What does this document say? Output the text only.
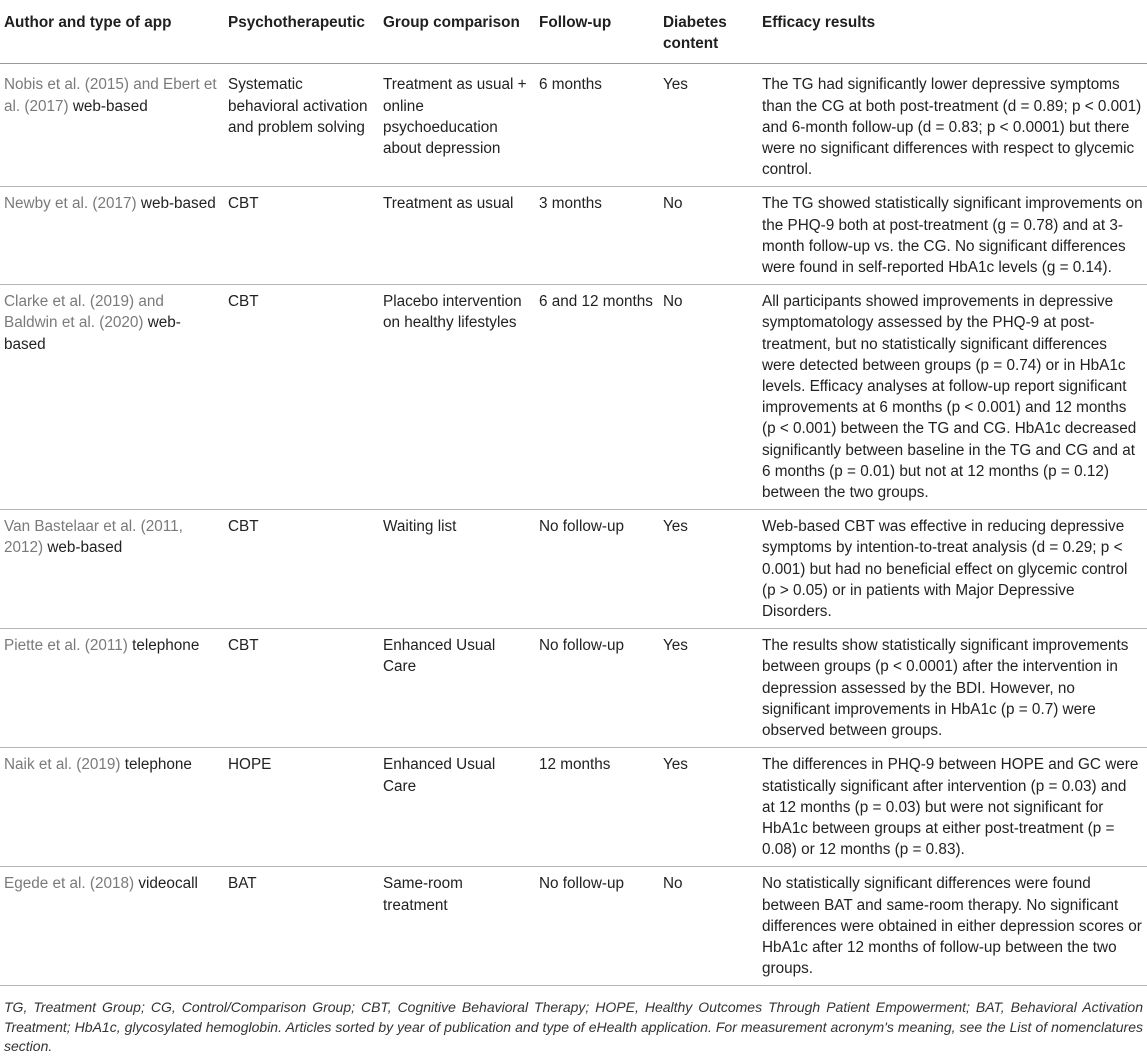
Author and type of app	Psychotherapeutic	Group comparison	Follow-up	Diabetes content	Efficacy results
Nobis et al. (2015) and Ebert et al. (2017) web-based	Systematic behavioral activation and problem solving	Treatment as usual + online psychoeducation about depression	6 months	Yes	The TG had significantly lower depressive symptoms than the CG at both post-treatment (d = 0.89; p < 0.001) and 6-month follow-up (d = 0.83; p < 0.0001) but there were no significant differences with respect to glycemic control.
Newby et al. (2017) web-based	CBT	Treatment as usual	3 months	No	The TG showed statistically significant improvements on the PHQ-9 both at post-treatment (g = 0.78) and at 3-month follow-up vs. the CG. No significant differences were found in self-reported HbA1c levels (g = 0.14).
Clarke et al. (2019) and Baldwin et al. (2020) web-based	CBT	Placebo intervention on healthy lifestyles	6 and 12 months	No	All participants showed improvements in depressive symptomatology assessed by the PHQ-9 at post-treatment, but no statistically significant differences were detected between groups (p = 0.74) or in HbA1c levels. Efficacy analyses at follow-up report significant improvements at 6 months (p < 0.001) and 12 months (p < 0.001) between the TG and CG. HbA1c decreased significantly between baseline in the TG and CG and at 6 months (p = 0.01) but not at 12 months (p = 0.12) between the two groups.
Van Bastelaar et al. (2011, 2012) web-based	CBT	Waiting list	No follow-up	Yes	Web-based CBT was effective in reducing depressive symptoms by intention-to-treat analysis (d = 0.29; p < 0.001) but had no beneficial effect on glycemic control (p > 0.05) or in patients with Major Depressive Disorders.
Piette et al. (2011) telephone	CBT	Enhanced Usual Care	No follow-up	Yes	The results show statistically significant improvements between groups (p < 0.0001) after the intervention in depression assessed by the BDI. However, no significant improvements in HbA1c (p = 0.7) were observed between groups.
Naik et al. (2019) telephone	HOPE	Enhanced Usual Care	12 months	Yes	The differences in PHQ-9 between HOPE and GC were statistically significant after intervention (p = 0.03) and at 12 months (p = 0.03) but were not significant for HbA1c between groups at either post-treatment (p = 0.08) or 12 months (p = 0.83).
Egede et al. (2018) videocall	BAT	Same-room treatment	No follow-up	No	No statistically significant differences were found between BAT and same-room therapy. No significant differences were obtained in either depression scores or HbA1c after 12 months of follow-up between the two groups.

TG, Treatment Group; CG, Control/Comparison Group; CBT, Cognitive Behavioral Therapy; HOPE, Healthy Outcomes Through Patient Empowerment; BAT, Behavioral Activation Treatment; HbA1c, glycosylated hemoglobin. Articles sorted by year of publication and type of eHealth application. For measurement acronym's meaning, see the List of nomenclatures section.
